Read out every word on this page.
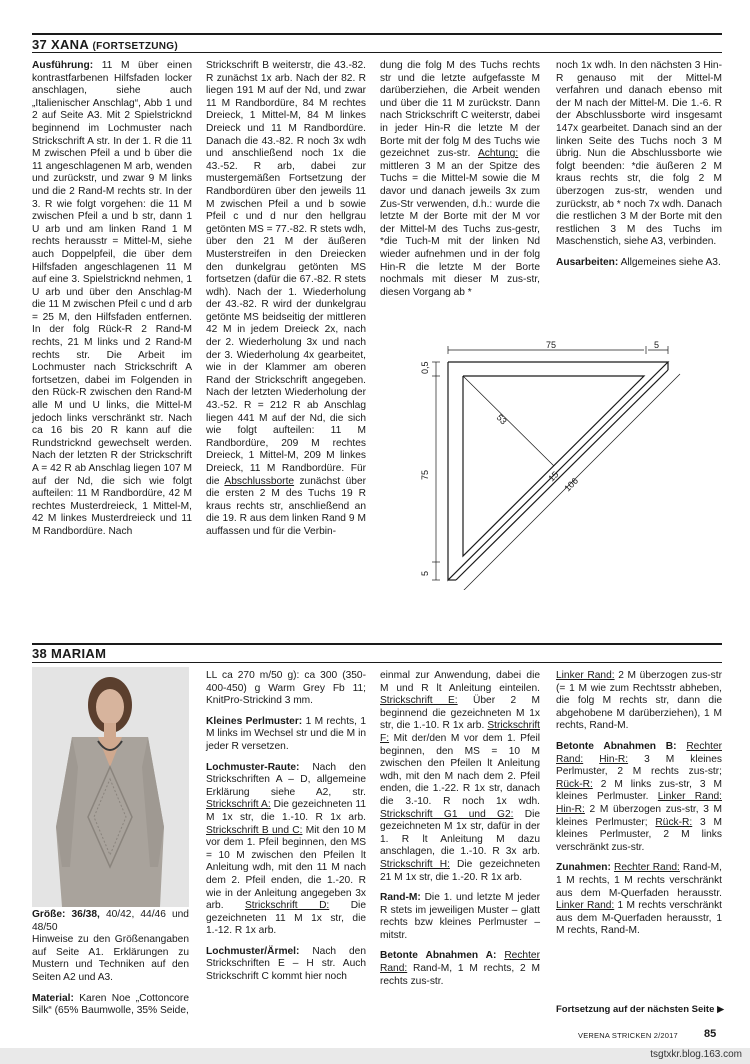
37 XANA (FORTSETZUNG)

Ausführung: 11 M über einen kontrastfarbenen Hilfsfaden locker anschlagen, siehe auch „Italienischer Anschlag“, Abb 1 und 2 auf Seite A3. Mit 2 Spielstricknd beginnend im Lochmuster nach Strickschrift A str. In der 1. R die 11 M zwischen Pfeil a und b über die 11 angeschlagenen M arb, wenden und zurückstr, und zwar 9 M links und die 2 Rand-M rechts str. In der 3. R wie folgt vorgehen: die 11 M zwischen Pfeil a und b str, dann 1 U arb und am linken Rand 1 M rechts herausstr = Mittel-M, siehe auch Doppelpfeil, die über dem Hilfsfaden angeschlagenen 11 M auf eine 3. Spielstricknd nehmen, 1 U arb und über den Anschlag-M die 11 M zwischen Pfeil c und d arb = 25 M, den Hilfsfaden entfernen. In der folg Rück-R 2 Rand-M rechts, 21 M links und 2 Rand-M rechts str. Die Arbeit im Lochmuster nach Strickschrift A fortsetzen, dabei im Folgenden in den Rück-R zwischen den Rand-M alle M und U links, die Mittel-M jedoch links verschränkt str. Nach ca 16 bis 20 R kann auf die Rundstricknd gewechselt werden. Nach der letzten R der Strickschrift A = 42 R ab Anschlag liegen 107 M auf der Nd, die sich wie folgt aufteilen: 11 M Randbordüre, 42 M rechtes Musterdreieck, 1 Mittel-M, 42 M linkes Musterdreieck und 11 M Randbordüre. Nach

Strickschrift B weiterstr, die 43.-82. R zunächst 1x arb. Nach der 82. R liegen 191 M auf der Nd, und zwar 11 M Randbordüre, 84 M rechtes Dreieck, 1 Mittel-M, 84 M linkes Dreieck und 11 M Randbordüre. Danach die 43.-82. R noch 3x wdh und anschließend noch 1x die 43.-52. R arb, dabei zur mustergemäßen Fortsetzung der Randbordüren über den jeweils 11 M zwischen Pfeil a und b sowie Pfeil c und d nur den hellgrau getönten MS = 77.-82. R stets wdh, über den 21 M der äußeren Musterstreifen in den Dreiecken den dunkelgrau getönten MS fortsetzen (dafür die 67.-82. R stets wdh). Nach der 1. Wiederholung der 43.-82. R wird der dunkelgrau getönte MS beidseitig der mittleren 42 M in jedem Dreieck 2x, nach der 2. Wiederholung 3x und nach der 3. Wiederholung 4x gearbeitet, wie in der Klammer am oberen Rand der Strickschrift angegeben. Nach der letzten Wiederholung der 43.-52. R = 212 R ab Anschlag liegen 441 M auf der Nd, die sich wie folgt aufteilen: 11 M Randbordüre, 209 M rechtes Dreieck, 1 Mittel-M, 209 M linkes Dreieck, 11 M Randbordüre. Für die Abschlussborte zunächst über die ersten 2 M des Tuchs 19 R kraus rechts str, anschließend an die 19. R aus dem linken Rand 9 M auffassen und für die Verbin-

dung die folg M des Tuchs rechts str und die letzte aufgefasste M darüberziehen, die Arbeit wenden und über die 11 M zurückstr. Dann nach Strickschrift C weiterstr, dabei in jeder Hin-R die letzte M der Borte mit der folg M des Tuchs wie gezeichnet zus-str. Achtung: die mittleren 3 M an der Spitze des Tuchs = die Mittel-M sowie die M davor und danach jeweils 3x zum Zus-Str verwenden, d.h.: wurde die letzte M der Borte mit der M vor der Mittel-M des Tuchs zus-gestr, *die Tuch-M mit der linken Nd wieder aufnehmen und in der folg Hin-R die letzte M der Borte nochmals mit dieser M zus-str, diesen Vorgang ab *

noch 1x wdh. In den nächsten 3 Hin-R genauso mit der Mittel-M verfahren und danach ebenso mit der M nach der Mittel-M. Die 1.-6. R der Abschlussborte wird insgesamt 147x gearbeitet. Danach sind an der linken Seite des Tuchs noch 3 M übrig. Nun die Abschlussborte wie folgt beenden: *die äußeren 2 M kraus rechts str, die folg 2 M überzogen zus-str, wenden und zurückstr, ab * noch 7x wdh. Danach die restlichen 3 M der Borte mit den restlichen 3 M des Tuchs im Maschenstich, siehe A3, verbinden.

Ausarbeiten: Allgemeines siehe A3.

75	5
0,5
75
5
53
15 106
38 MARIAM

Größe: 36/38, 40/42, 44/46 und 48/50

Hinweise zu den Größenangaben auf Seite A1. Erklärungen zu Mustern und Techniken auf den Seiten A2 und A3.

Material: Karen Noe „Cottoncore Silk“ (65% Baumwolle, 35% Seide,

LL ca 270 m/50 g): ca 300 (350-400-450) g Warm Grey Fb 11; KnitPro-Strickind 3 mm.

Kleines Perlmuster: 1 M rechts, 1 M links im Wechsel str und die M in jeder R versetzen.

Lochmuster-Raute: Nach den Strickschriften A – D, allgemeine Erklärung siehe A2, str. Strickschrift A: Die gezeichneten 11 M 1x str, die 1.-10. R 1x arb. Strickschrift B und C: Mit den 10 M vor dem 1. Pfeil beginnen, den MS = 10 M zwischen den Pfeilen lt Anleitung wdh, mit den 11 M nach dem 2. Pfeil enden, die 1.-20. R wie in der Anleitung angegeben 3x arb. Strickschrift D: Die gezeichneten 11 M 1x str, die 1.-12. R 1x arb.

Lochmuster/Ärmel: Nach den Strickschriften E – H str. Auch Strickschrift C kommt hier noch

einmal zur Anwendung, dabei die M und R lt Anleitung einteilen. Strickschrift E: Über 2 M beginnend die gezeichneten M 1x str, die 1.-10. R 1x arb. Strickschrift F: Mit der/den M vor dem 1. Pfeil beginnen, den MS = 10 M zwischen den Pfeilen lt Anleitung wdh, mit den M nach dem 2. Pfeil enden, die 1.-22. R 1x str, danach die 3.-10. R noch 1x wdh. Strickschrift G1 und G2: Die gezeichneten M 1x str, dafür in der 1. R lt Anleitung M dazu anschlagen, die 1.-10. R 3x arb. Strickschrift H: Die gezeichneten 21 M 1x str, die 1.-20. R 1x arb.

Rand-M: Die 1. und letzte M jeder R stets im jeweiligen Muster – glatt rechts bzw kleines Perlmuster – mitstr.

Betonte Abnahmen A: Rechter Rand: Rand-M, 1 M rechts, 2 M rechts zus-str.

Linker Rand: 2 M überzogen zus-str (= 1 M wie zum Rechtsstr abheben, die folg M rechts str, dann die abgehobene M darüberziehen), 1 M rechts, Rand-M.

Betonte Abnahmen B: Rechter Rand: Hin-R: 3 M kleines Perlmuster, 2 M rechts zus-str; Rück-R: 2 M links zus-str, 3 M kleines Perlmuster. Linker Rand: Hin-R: 2 M überzogen zus-str, 3 M kleines Perlmuster; Rück-R: 3 M kleines Perlmuster, 2 M links verschränkt zus-str.

Zunahmen: Rechter Rand: Rand-M, 1 M rechts, 1 M rechts verschränkt aus dem M-Querfaden herausstr. Linker Rand: 1 M rechts verschränkt aus dem M-Querfaden herausstr, 1 M rechts, Rand-M.

Fortsetzung auf der nächsten Seite ▶
VERENA STRICKEN 2/2017 85
tsgtxkr.blog.163.com
